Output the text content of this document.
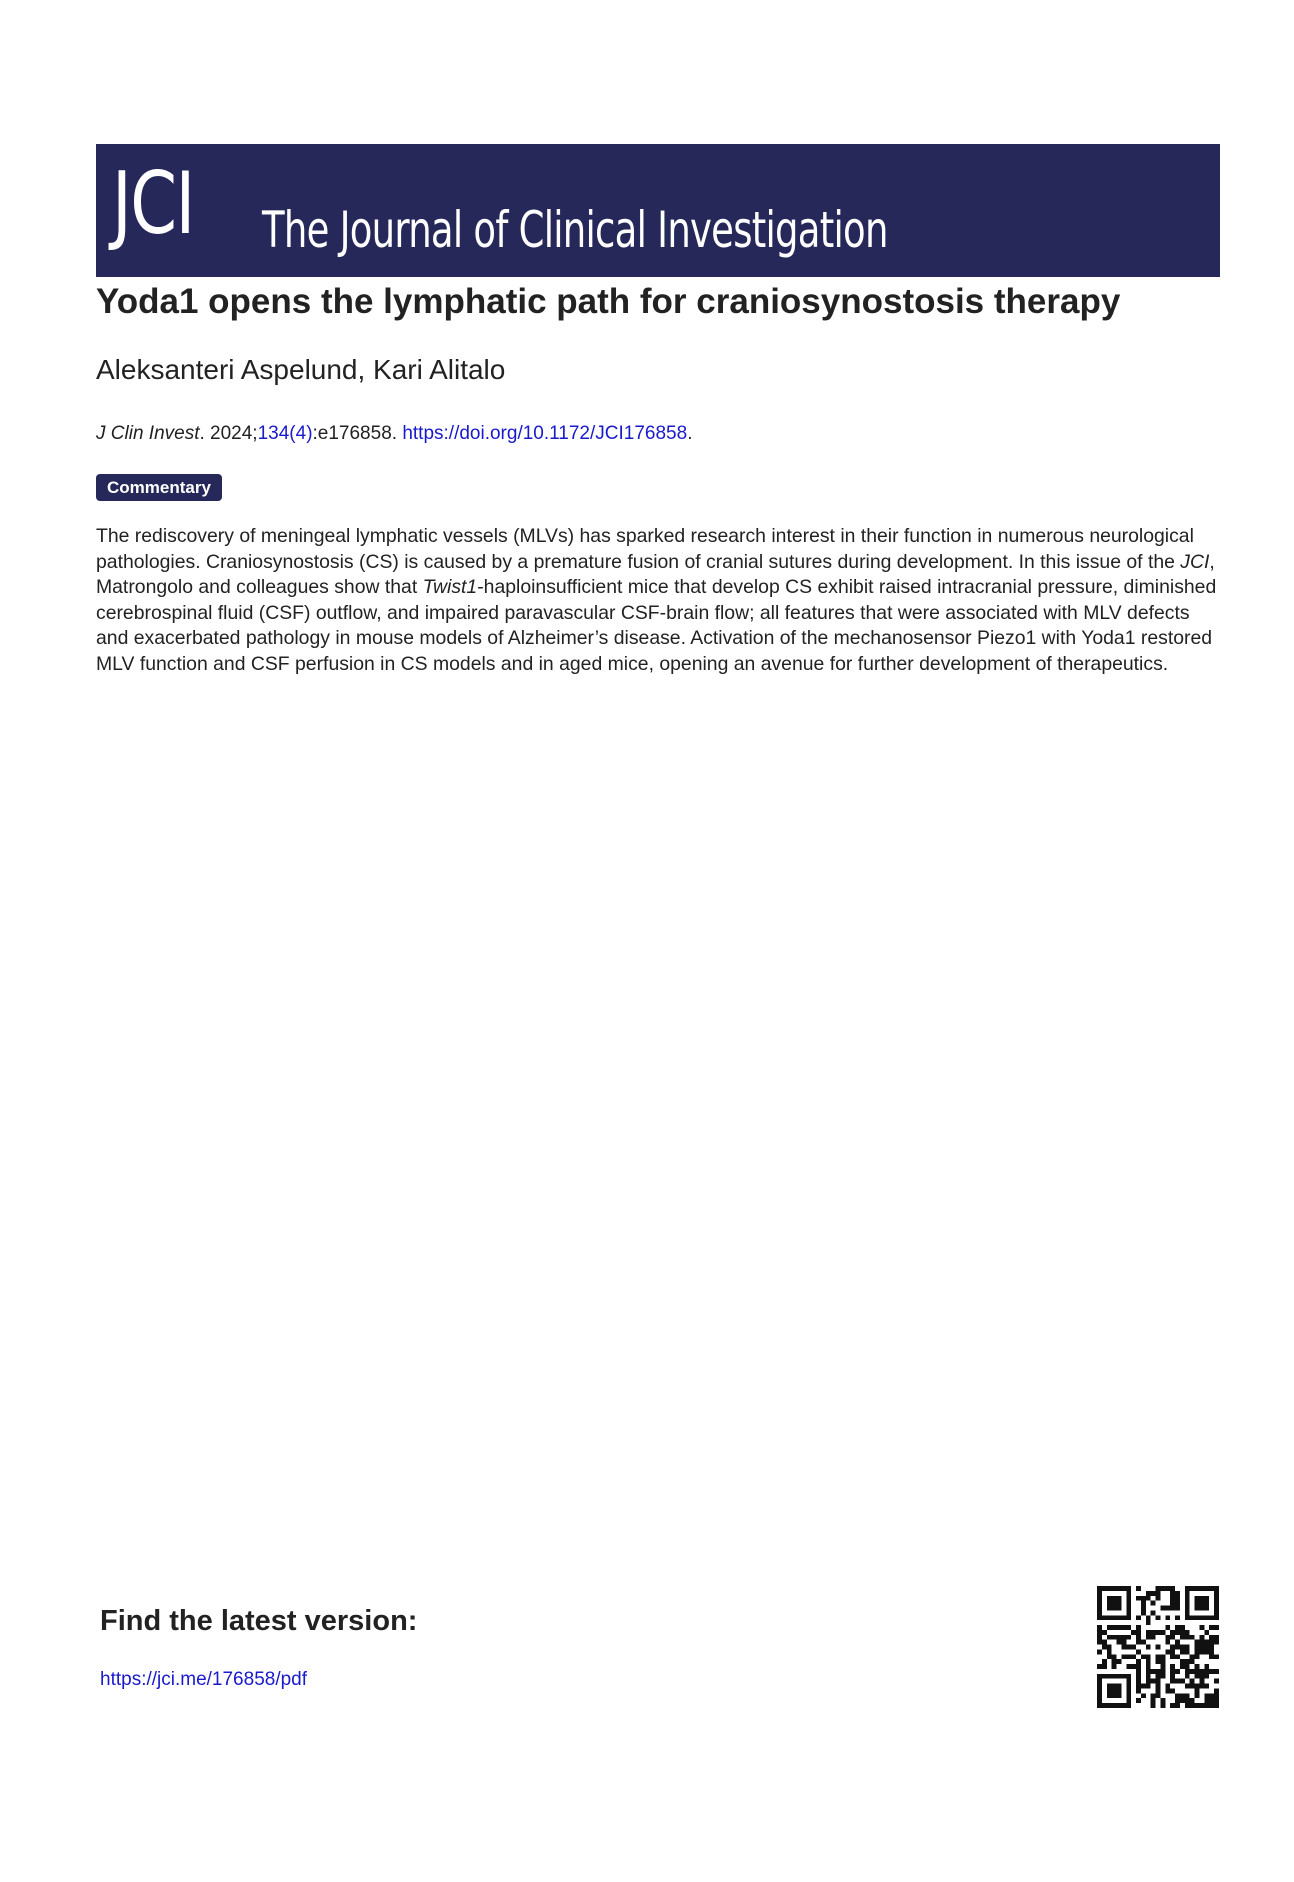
JCI The Journal of Clinical Investigation
Yoda1 opens the lymphatic path for craniosynostosis therapy
Aleksanteri Aspelund, Kari Alitalo
J Clin Invest. 2024;134(4):e176858. https://doi.org/10.1172/JCI176858.
Commentary

The rediscovery of meningeal lymphatic vessels (MLVs) has sparked research interest in their function in numerous neurological pathologies. Craniosynostosis (CS) is caused by a premature fusion of cranial sutures during development. In this issue of the JCI, Matrongolo and colleagues show that Twist1-haploinsufficient mice that develop CS exhibit raised intracranial pressure, diminished cerebrospinal fluid (CSF) outflow, and impaired paravascular CSF-brain flow; all features that were associated with MLV defects and exacerbated pathology in mouse models of Alzheimer’s disease. Activation of the mechanosensor Piezo1 with Yoda1 restored MLV function and CSF perfusion in CS models and in aged mice, opening an avenue for further development of therapeutics.

Find the latest version:
https://jci.me/176858/pdf
